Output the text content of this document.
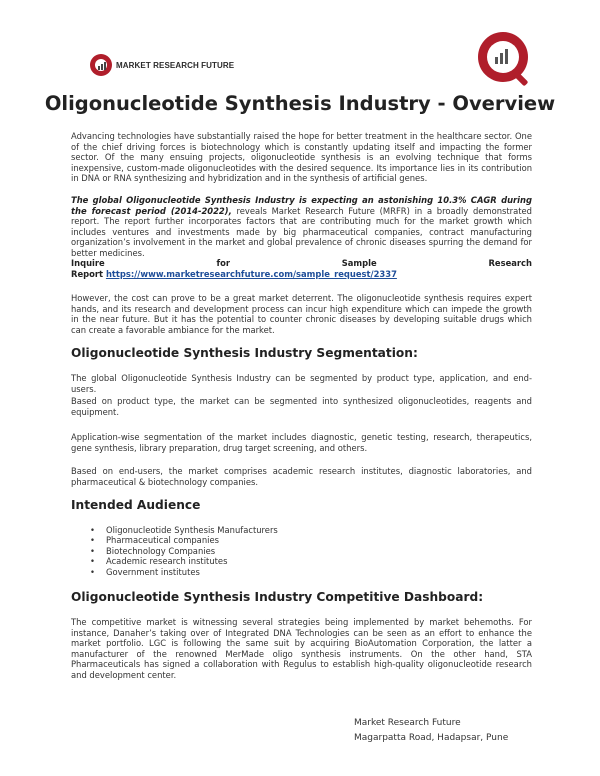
MARKET RESEARCH FUTURE
Oligonucleotide Synthesis Industry - Overview

Advancing technologies have substantially raised the hope for better treatment in the healthcare sector. One of the chief driving forces is biotechnology which is constantly updating itself and impacting the former sector. Of the many ensuing projects, oligonucleotide synthesis is an evolving technique that forms inexpensive, custom-made oligonucleotides with the desired sequence. Its importance lies in its contribution in DNA or RNA synthesizing and hybridization and in the synthesis of artificial genes.

The global Oligonucleotide Synthesis Industry is expecting an astonishing 10.3% CAGR during the forecast period (2014-2022), reveals Market Research Future (MRFR) in a broadly demonstrated report. The report further incorporates factors that are contributing much for the market growth which includes ventures and investments made by big pharmaceutical companies, contract manufacturing organization’s involvement in the market and global prevalence of chronic diseases spurring the demand for better medicines.

Inquire	for	Sample	Research
Report https://www.marketresearchfuture.com/sample_request/2337

However, the cost can prove to be a great market deterrent. The oligonucleotide synthesis requires expert hands, and its research and development process can incur high expenditure which can impede the growth in the near future. But it has the potential to counter chronic diseases by developing suitable drugs which can create a favorable ambiance for the market.

Oligonucleotide Synthesis Industry Segmentation:

The global Oligonucleotide Synthesis Industry can be segmented by product type, application, and end-users.

Based on product type, the market can be segmented into synthesized oligonucleotides, reagents and equipment.

Application-wise segmentation of the market includes diagnostic, genetic testing, research, therapeutics, gene synthesis, library preparation, drug target screening, and others.

Based on end-users, the market comprises academic research institutes, diagnostic laboratories, and pharmaceutical & biotechnology companies.

Intended Audience
• Oligonucleotide Synthesis Manufacturers
• Pharmaceutical companies
• Biotechnology Companies
• Academic research institutes
• Government institutes
Oligonucleotide Synthesis Industry Competitive Dashboard:

The competitive market is witnessing several strategies being implemented by market behemoths. For instance, Danaher’s taking over of Integrated DNA Technologies can be seen as an effort to enhance the market portfolio. LGC is following the same suit by acquiring BioAutomation Corporation, the latter a manufacturer of the renowned MerMade oligo synthesis instruments. On the other hand, STA Pharmaceuticals has signed a collaboration with Regulus to establish high-quality oligonucleotide research and development center.

Market Research Future
Magarpatta Road, Hadapsar, Pune
